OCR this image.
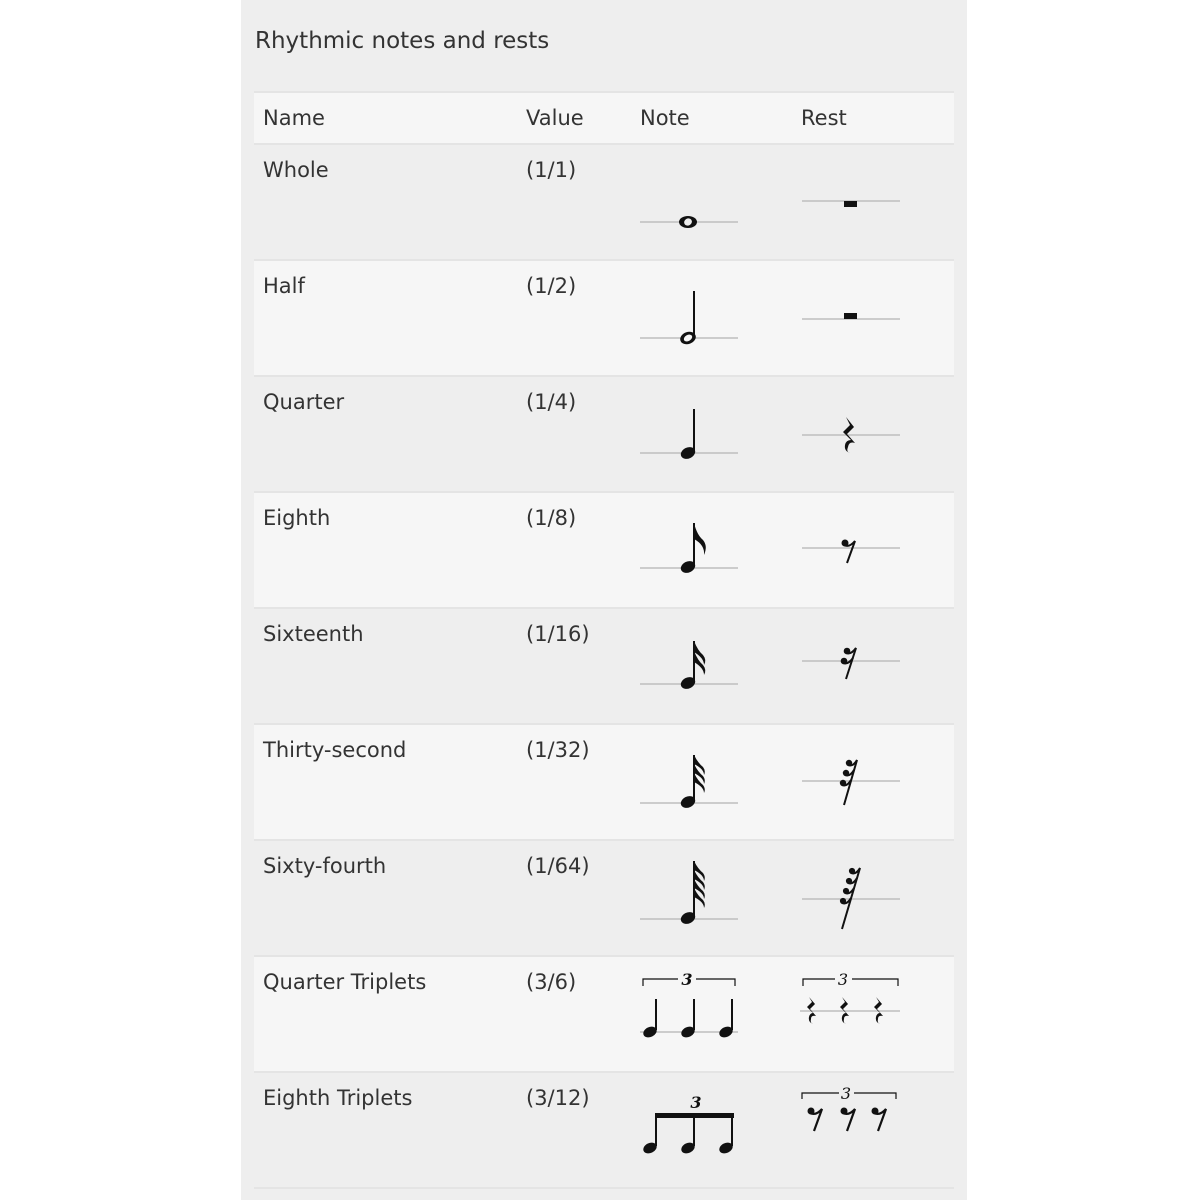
Rhythmic notes and rests
Name	Value	Note	Rest
Whole	(1/1)
Half	(1/2)
Quarter	(1/4)
Eighth	(1/8)
Sixteenth	(1/16)
Thirty-second	(1/32)
Sixty-fourth	(1/64)
Quarter Triplets	(3/6)	3	3
Eighth Triplets	(3/12)	3	3
